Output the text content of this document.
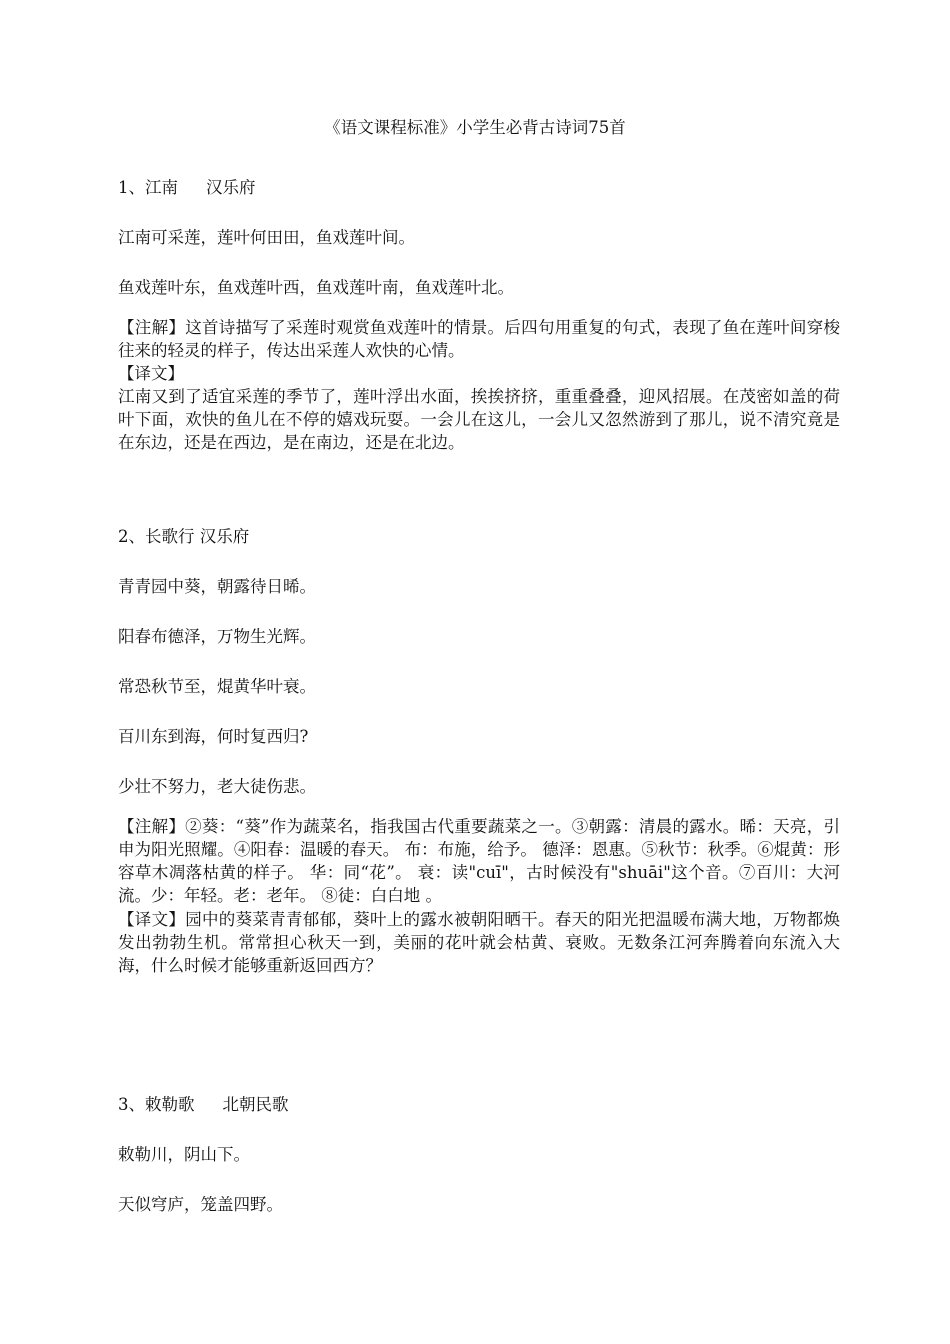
《语文课程标准》小学生必背古诗词75首
1、江南 汉乐府
江南可采莲，莲叶何田田，鱼戏莲叶间。
鱼戏莲叶东，鱼戏莲叶西，鱼戏莲叶南，鱼戏莲叶北。
【注解】这首诗描写了采莲时观赏鱼戏莲叶的情景。后四句用重复的句式，表现了鱼在莲叶间穿梭往来的轻灵的样子，传达出采莲人欢快的心情。
【译文】
江南又到了适宜采莲的季节了，莲叶浮出水面，挨挨挤挤，重重叠叠，迎风招展。在茂密如盖的荷叶下面，欢快的鱼儿在不停的嬉戏玩耍。一会儿在这儿，一会儿又忽然游到了那儿，说不清究竟是在东边，还是在西边，是在南边，还是在北边。
2、长歌行 汉乐府
青青园中葵，朝露待日晞。
阳春布德泽，万物生光辉。
常恐秋节至，焜黄华叶衰。
百川东到海，何时复西归?
少壮不努力，老大徒伤悲。
【注解】②葵：“葵”作为蔬菜名，指我国古代重要蔬菜之一。③朝露：清晨的露水。晞：天亮，引申为阳光照耀。④阳春：温暖的春天。 布：布施，给予。 德泽：恩惠。⑤秋节：秋季。⑥焜黄：形容草木凋落枯黄的样子。 华：同“花”。 衰：读"cuī"，古时候没有"shuāi"这个音。⑦百川：大河流。少：年轻。老：老年。 ⑧徒：白白地 。
【译文】园中的葵菜青青郁郁，葵叶上的露水被朝阳晒干。春天的阳光把温暖布满大地，万物都焕发出勃勃生机。常常担心秋天一到，美丽的花叶就会枯黄、衰败。无数条江河奔腾着向东流入大海，什么时候才能够重新返回西方？
3、敕勒歌 北朝民歌
敕勒川，阴山下。
天似穹庐，笼盖四野。
